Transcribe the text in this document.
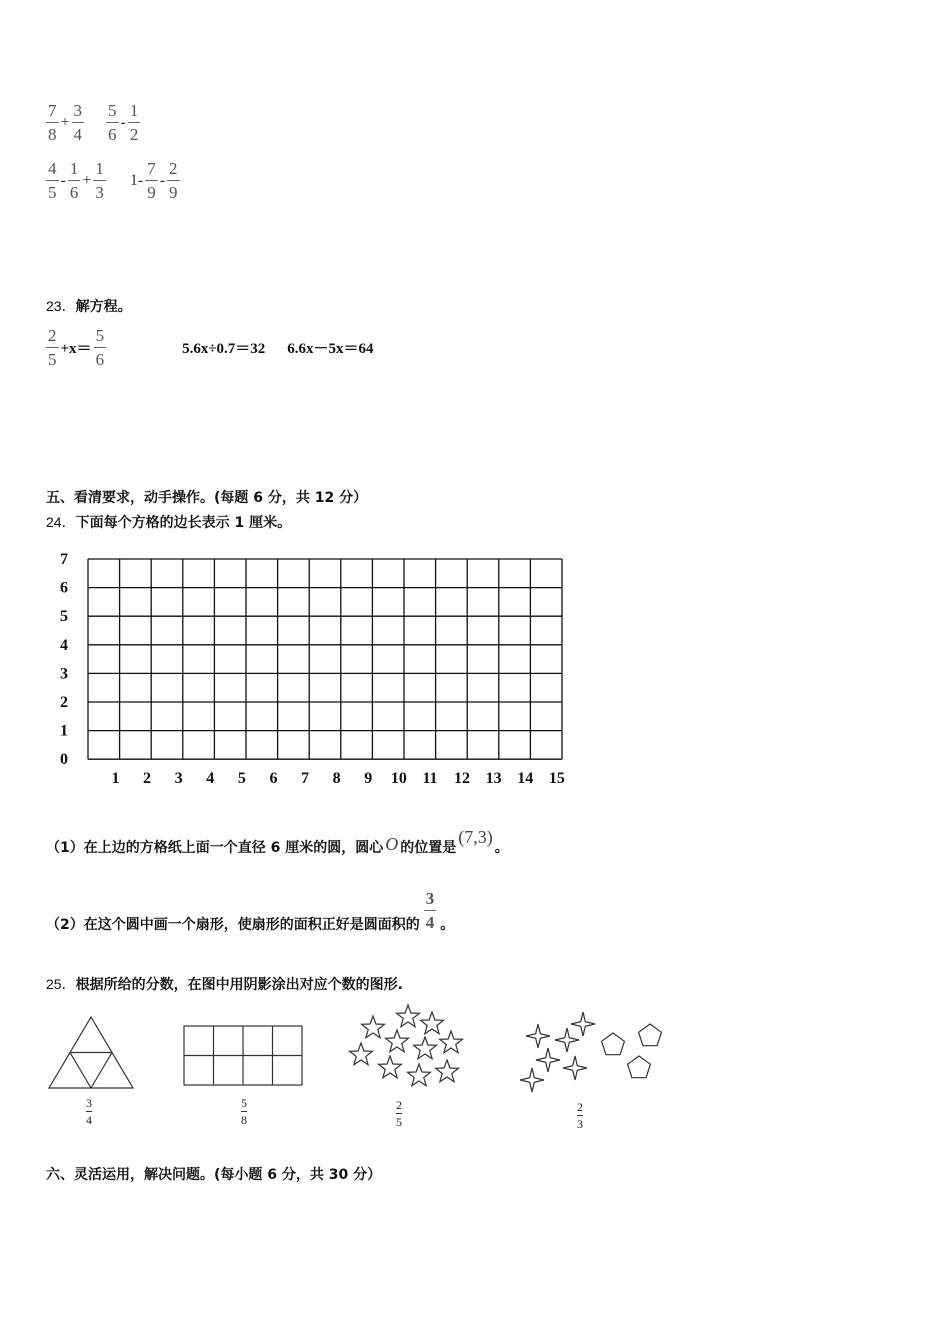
$\frac{7}{8} + \frac{3}{4} \frac{5}{6} - \frac{1}{2}$
$\frac{4}{5} - \frac{1}{6} + \frac{1}{3} 1- \frac{7}{9} - \frac{2}{9}$
23．解方程。
$\frac{2}{5} +x= \frac{5}{6}$	5.6x÷0.7＝32 6.6x－5x＝64
五、看清要求，动手操作。(每题 6 分，共 12 分）
24．下面每个方格的边长表示 1 厘米。
7
6
5
4
3
2
1
0
1 2 3 4 5 6 7 8 9 10 11 12 13 14 15
（1）在上边的方格纸上面一个直径 6 厘米的圆，圆心 O 的位置是
(7,3)
。
（2）在这个圆中画一个扇形，使扇形的面积正好是圆面积的 $\frac{3}{4}$ 。
25．根据所给的分数，在图中用阴影涂出对应个数的图形.
$\frac{3}{4}$	$\frac{5}{8}$	$\frac{2}{5}$	$\frac{2}{3}$
六、灵活运用，解决问题。(每小题 6 分，共 30 分）
